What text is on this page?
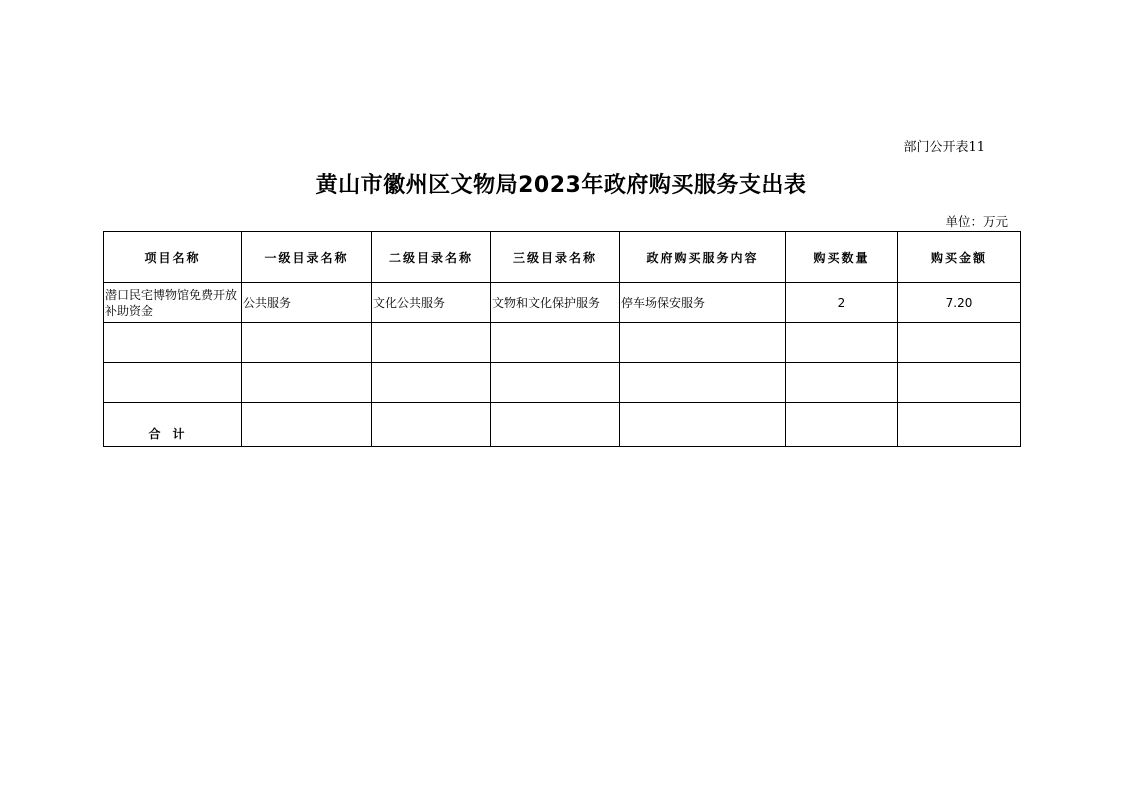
部门公开表11
黄山市徽州区文物局2023年政府购买服务支出表
单位：万元
项目名称	一级目录名称	二级目录名称	三级目录名称	政府购买服务内容	购买数量	购买金额
潜口民宅博物馆免费开放补助资金	公共服务	文化公共服务	文物和文化保护服务	停车场保安服务	2	7.20

合计						
